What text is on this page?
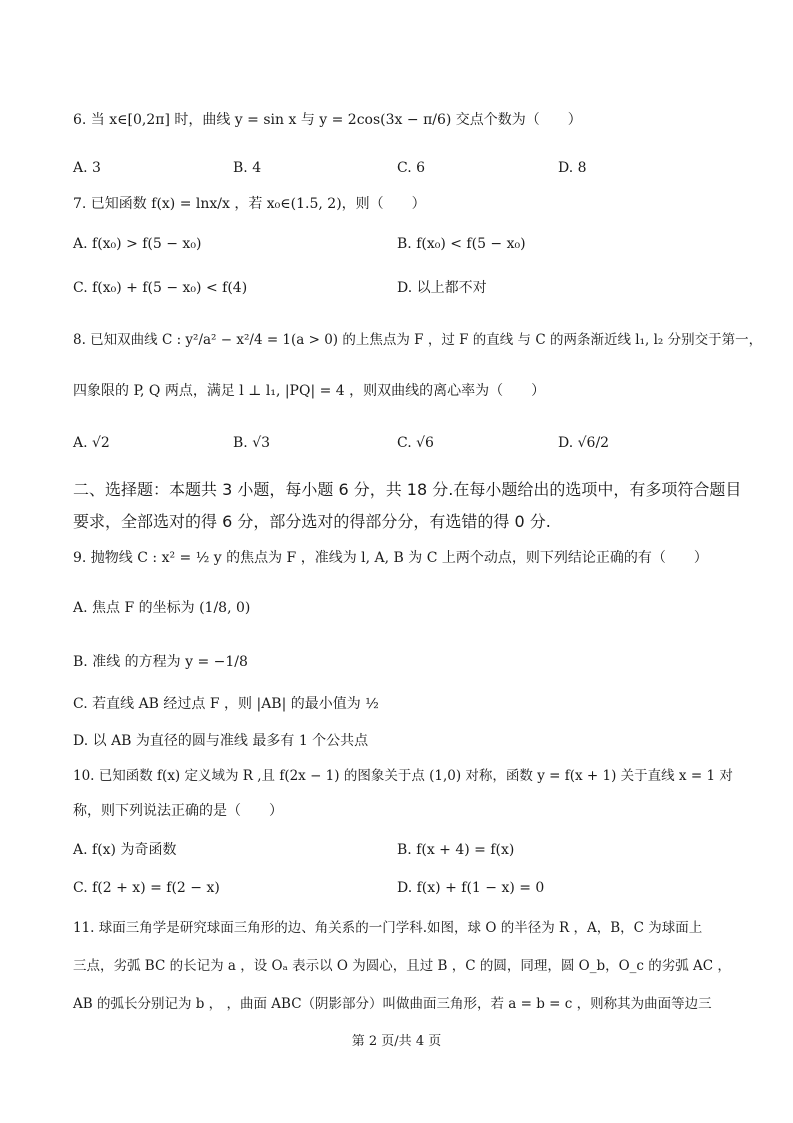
6. 当 x∈[0,2π] 时，曲线 y = sin x 与 y = 2cos(3x − π/6) 交点个数为（　　）
A. 3	B. 4	C. 6	D. 8
7. 已知函数 f(x) = lnx/x ，若 x₀∈(1.5, 2)，则（　　）
A. f(x₀) > f(5 − x₀)	B. f(x₀) < f(5 − x₀)
C. f(x₀) + f(5 − x₀) < f(4)	D. 以上都不对
8. 已知双曲线 C : y²/a² − x²/4 = 1(a > 0) 的上焦点为 F ，过 F 的直线 与 C 的两条渐近线 l₁, l₂ 分别交于第一，
四象限的 P, Q 两点，满足 l ⊥ l₁, |PQ| = 4 ，则双曲线的离心率为（　　）
A. √2	B. √3	C. √6	D. √6/2
二、选择题：本题共 3 小题，每小题 6 分，共 18 分.在每小题给出的选项中，有多项符合题目
要求，全部选对的得 6 分，部分选对的得部分分，有选错的得 0 分.
9. 抛物线 C : x² = ½ y 的焦点为 F ，准线为 l, A, B 为 C 上两个动点，则下列结论正确的有（　　）
A. 焦点 F 的坐标为 (1/8, 0)
B. 准线 的方程为 y = −1/8
C. 若直线 AB 经过点 F ，则 |AB| 的最小值为 ½
D. 以 AB 为直径的圆与准线 最多有 1 个公共点
10. 已知函数 f(x) 定义域为 R ,且 f(2x − 1) 的图象关于点 (1,0) 对称，函数 y = f(x + 1) 关于直线 x = 1 对
称，则下列说法正确的是（　　）
A. f(x) 为奇函数	B. f(x + 4) = f(x)
C. f(2 + x) = f(2 − x)	D. f(x) + f(1 − x) = 0
11. 球面三角学是研究球面三角形的边、角关系的一门学科.如图，球 O 的半径为 R ，A，B，C 为球面上
三点，劣弧 BC 的长记为 a ，设 Oₐ 表示以 O 为圆心，且过 B ，C 的圆，同理，圆 O_b，O_c 的劣弧 AC ，
AB 的弧长分别记为 b ， ，曲面 ABC（阴影部分）叫做曲面三角形，若 a = b = c ，则称其为曲面等边三
第 2 页/共 4 页
